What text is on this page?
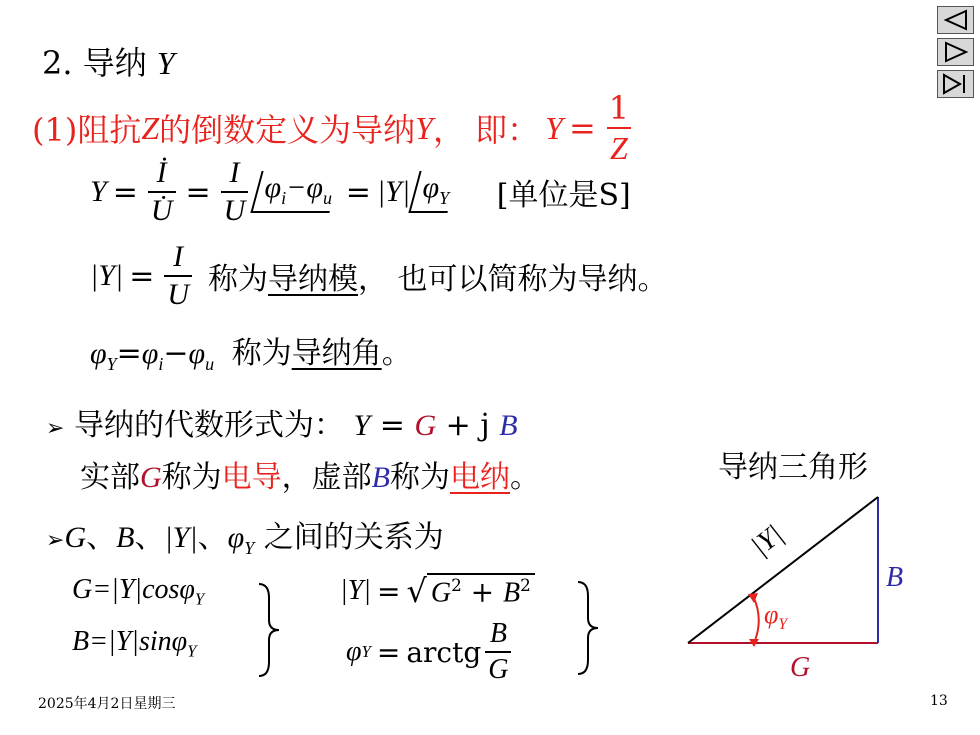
2. 导纳 Y
(1)阻抗 Z 的倒数定义为导纳 Y ， 即： $Y = \frac{1}{Z}$
$Y = \frac{İ}{U̇} = \frac{I}{U} \varphi_i-\varphi_u = |Y|$ $\varphi_Y$	[单位是S]
$|Y| = \frac{I}{U}$ 称为 导纳模 ， 也可以简称为导纳。
$\varphi_Y=\varphi_i-\varphi_u$ 称为导纳角。
➢ 导纳的代数形式为： Y = G + j B
实部G称为电导，虚部B称为电纳。
➢G、B、|Y|、$\varphi_Y$ 之间的关系为
G=|Y|cosφ$_Y$
B=|Y|sinφ$_Y$
|Y| = √ $G^2 + B^2$
φ Y = arctg $\frac{B}{G}$
导纳三角形
|Y|
B
G
$\varphi_Y$
2025年4月2日星期三	13
